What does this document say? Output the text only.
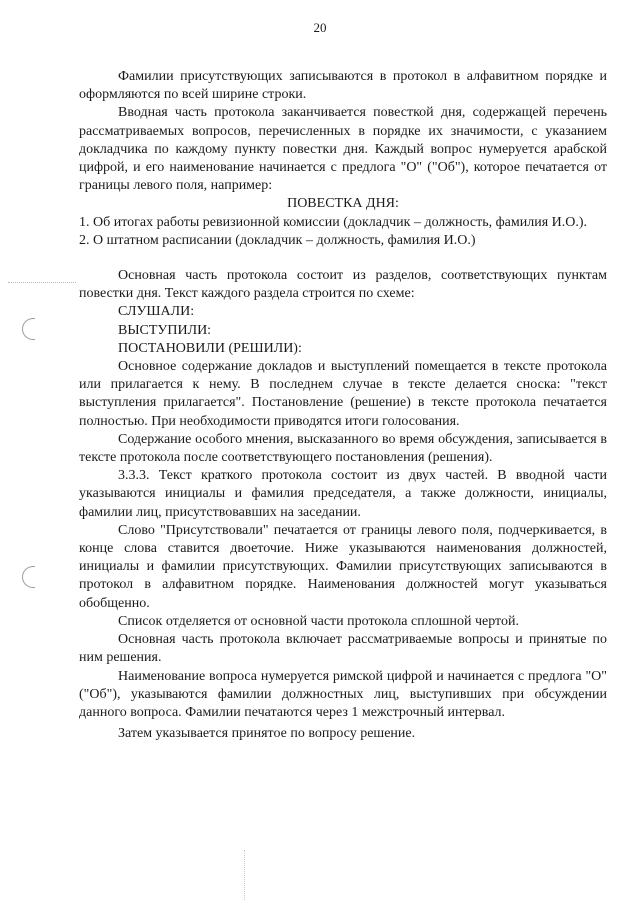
20

Фамилии присутствующих записываются в протокол в алфавитном порядке и оформляются по всей ширине строки.

Вводная часть протокола заканчивается повесткой дня, содержащей перечень рассматриваемых вопросов, перечисленных в порядке их значимости, с указанием докладчика по каждому пункту повестки дня. Каждый вопрос нумеруется арабской цифрой, и его наименование начинается с предлога "О" ("Об"), которое печатается от границы левого поля, например:

ПОВЕСТКА ДНЯ:

1. Об итогах работы ревизионной комиссии (докладчик – должность, фамилия И.О.).

2. О штатном расписании (докладчик – должность, фамилия И.О.)

Основная часть протокола состоит из разделов, соответствующих пунктам повестки дня. Текст каждого раздела строится по схеме:

СЛУШАЛИ:

ВЫСТУПИЛИ:

ПОСТАНОВИЛИ (РЕШИЛИ):

Основное содержание докладов и выступлений помещается в тексте протокола или прилагается к нему. В последнем случае в тексте делается сноска: "текст выступления прилагается". Постановление (решение) в тексте протокола печатается полностью. При необходимости приводятся итоги голосования.

Содержание особого мнения, высказанного во время обсуждения, записывается в тексте протокола после соответствующего постановления (решения).

3.3.3. Текст краткого протокола состоит из двух частей. В вводной части указываются инициалы и фамилия председателя, а также должности, инициалы, фамилии лиц, присутствовавших на заседании.

Слово "Присутствовали" печатается от границы левого поля, подчеркивается, в конце слова ставится двоеточие. Ниже указываются наименования должностей, инициалы и фамилии присутствующих. Фамилии присутствующих записываются в протокол в алфавитном порядке. Наименования должностей могут указываться обобщенно.

Список отделяется от основной части протокола сплошной чертой.

Основная часть протокола включает рассматриваемые вопросы и принятые по ним решения.

Наименование вопроса нумеруется римской цифрой и начинается с предлога "О" ("Об"), указываются фамилии должностных лиц, выступивших при обсуждении данного вопроса. Фамилии печатаются через 1 межстрочный интервал.

Затем указывается принятое по вопросу решение.
